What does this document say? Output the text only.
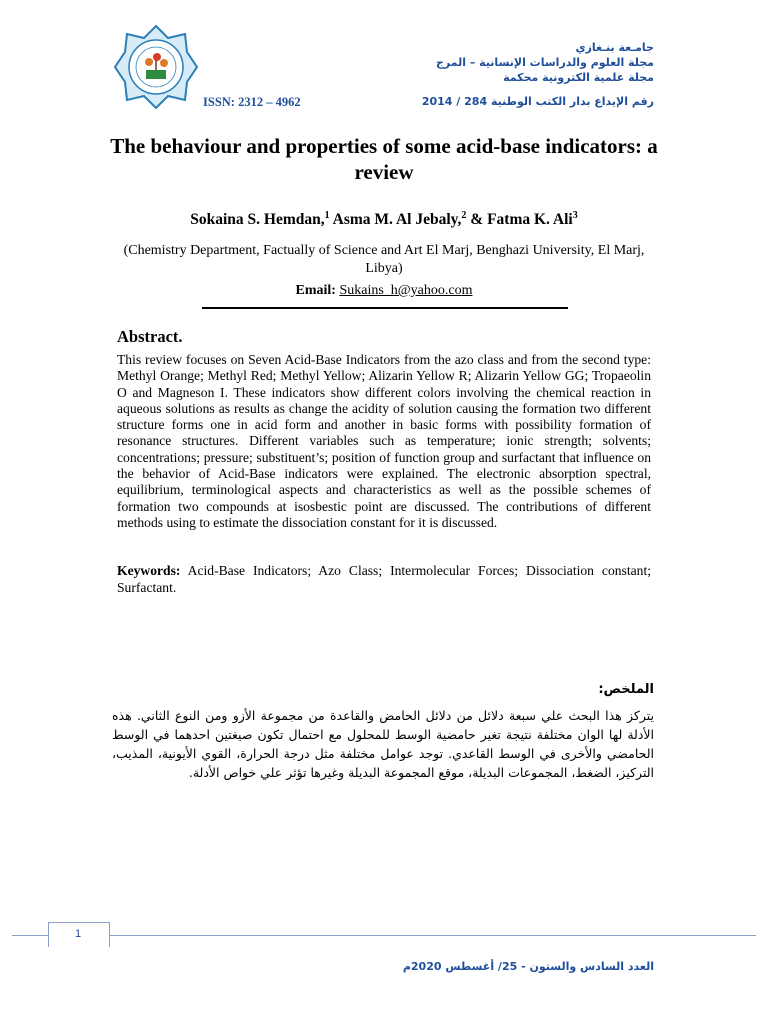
ISSN: 2312 – 4962
جامـعة بنـغازي
مجلة العلوم والدراسات الإنسانية – المرج
مجلة علمية الكترونية محكمة
رقم الإيداع بدار الكتب الوطنية 284 / 2014
The behaviour and properties of some acid-base indicators: a review
Sokaina S. Hemdan,$^1$ Asma M. Al Jebaly,$^2$ & Fatma K. Ali$^3$
(Chemistry Department, Factually of Science and Art El Marj, Benghazi University, El Marj, Libya)
Email: Sukains_h@yahoo.com
Abstract.
This review focuses on Seven Acid-Base Indicators from the azo class and from the second type: Methyl Orange; Methyl Red; Methyl Yellow; Alizarin Yellow R; Alizarin Yellow GG; Tropaeolin O and Magneson I. These indicators show different colors involving the chemical reaction in aqueous solutions as results as change the acidity of solution causing the formation two different structure forms one in acid form and another in basic forms with possibility formation of resonance structures. Different variables such as temperature; ionic strength; solvents; concentrations; pressure; substituent’s; position of function group and surfactant that influence on the behavior of Acid-Base indicators were explained. The electronic absorption spectral, equilibrium, terminological aspects and characteristics as well as the possible schemes of formation two compounds at isosbestic point are discussed. The contributions of different methods using to estimate the dissociation constant for it is discussed.
Keywords: Acid-Base Indicators; Azo Class; Intermolecular Forces; Dissociation constant; Surfactant.
الملخص:
يتركز هذا البحث علي سبعة دلائل من دلائل الحامض والقاعدة من مجموعة الأزو ومن النوع الثاني. هذه الأدلة لها الوان مختلفة نتيجة تغير حامضية الوسط للمحلول مع احتمال تكون صيغتين احدهما في الوسط الحامضي والأخرى في الوسط القاعدي. توجد عوامل مختلفة مثل درجة الحرارة، القوي الأيونية، المذيب، التركيز، الضغط، المجموعات البديلة، موقع المجموعة البديلة وغيرها تؤثر علي خواص الأدلة.
1
العدد السادس والستون - 25/ أغسطس 2020م
